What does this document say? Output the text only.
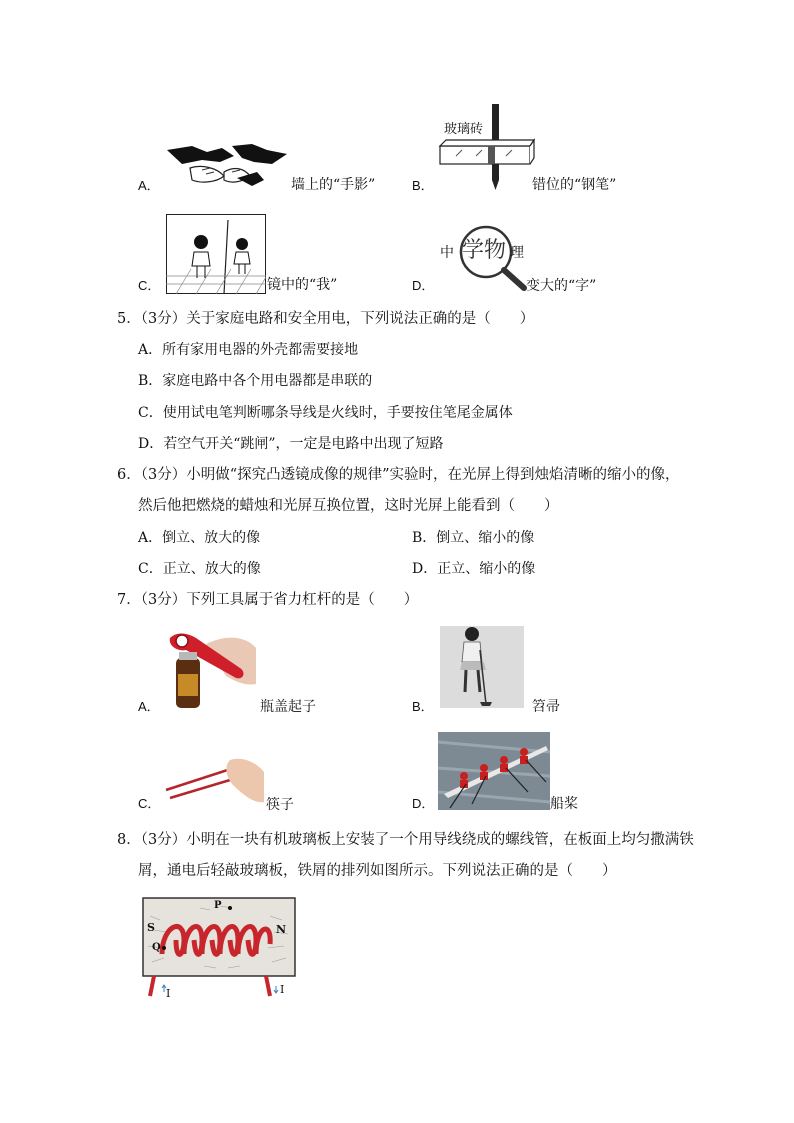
A．	墙上的“手影”
玻璃砖
B．	错位的“钢笔”
C．	镜中的“我”
中 学 物 理
D．	变大的“字”
5．（3分）关于家庭电路和安全用电，下列说法正确的是（　　）
A．所有家用电器的外壳都需要接地
B．家庭电路中各个用电器都是串联的
C．使用试电笔判断哪条导线是火线时，手要按住笔尾金属体
D．若空气开关“跳闸”，一定是电路中出现了短路
6．（3分）小明做“探究凸透镜成像的规律”实验时，在光屏上得到烛焰清晰的缩小的像，
然后他把燃烧的蜡烛和光屏互换位置，这时光屏上能看到（　　）
A．倒立、放大的像	B．倒立、缩小的像
C．正立、放大的像	D．正立、缩小的像
7．（3分）下列工具属于省力杠杆的是（　　）
A．	瓶盖起子	B．	笤帚
C．	筷子	D．	船桨
8．（3分）小明在一块有机玻璃板上安装了一个用导线绕成的螺线管，在板面上均匀撒满铁
屑，通电后轻敲玻璃板，铁屑的排列如图所示。下列说法正确的是（　　）
P
S	N
Q
I	I
